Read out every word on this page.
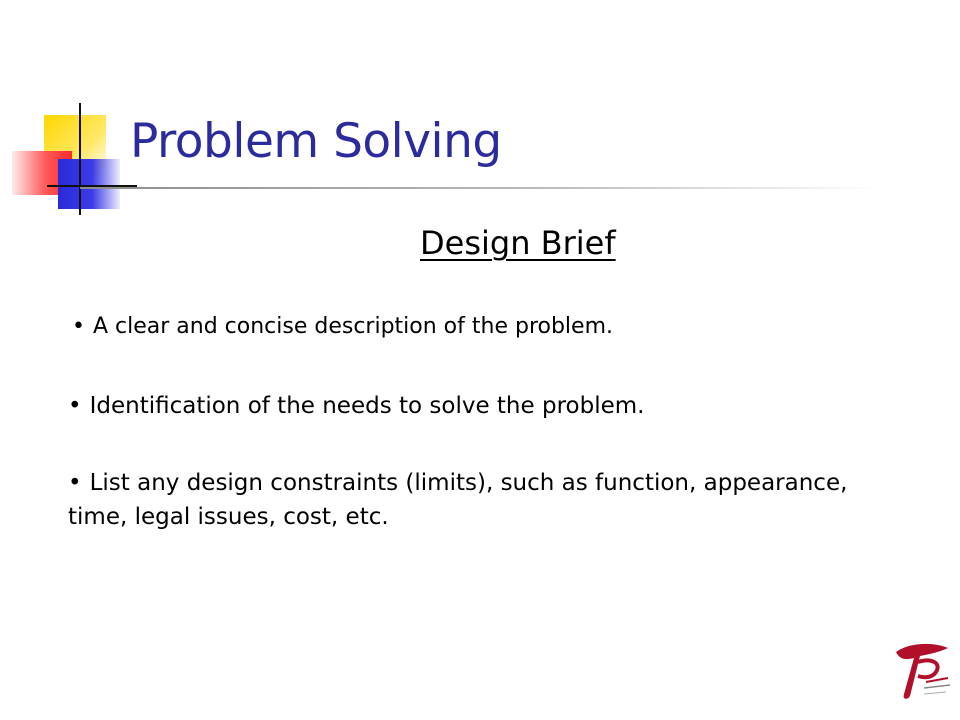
Problem Solving
Design Brief
• A clear and concise description of the problem.
• Identification of the needs to solve the problem.
• List any design constraints (limits), such as function, appearance, time, legal issues, cost, etc.
